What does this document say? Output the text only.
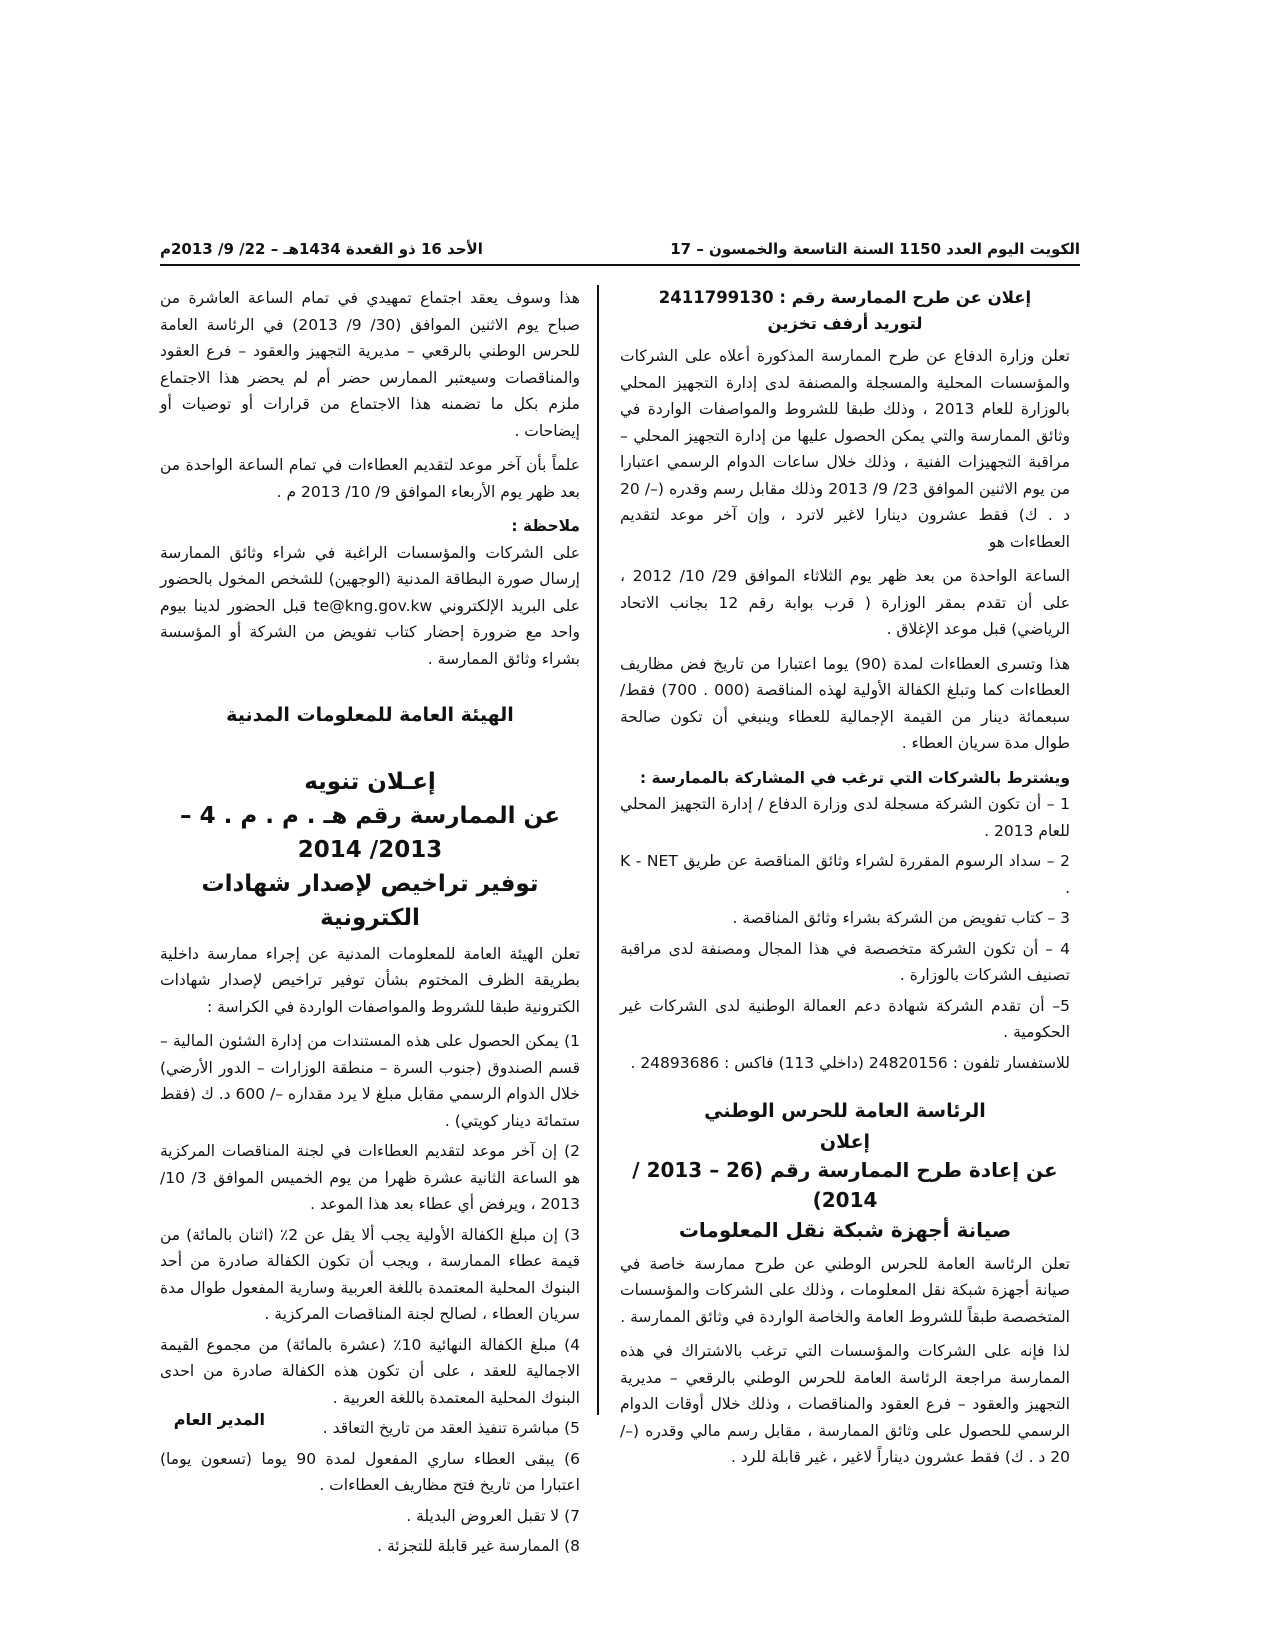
الكويت اليوم العدد 1150 السنة التاسعة والخمسون – 17
الأحد 16 ذو القعدة 1434هـ – 22/ 9/ 2013م
إعلان عن طرح الممارسة رقم : 2411799130
لتوريد أرفف تخزين

تعلن وزارة الدفاع عن طرح الممارسة المذكورة أعلاه على الشركات والمؤسسات المحلية والمسجلة والمصنفة لدى إدارة التجهيز المحلي بالوزارة للعام 2013 ، وذلك طبقا للشروط والمواصفات الواردة في وثائق الممارسة والتي يمكن الحصول عليها من إدارة التجهيز المحلي – مراقبة التجهيزات الفنية ، وذلك خلال ساعات الدوام الرسمي اعتبارا من يوم الاثنين الموافق 23/ 9/ 2013 وذلك مقابل رسم وقدره (–/ 20 د . ك) فقط عشرون دينارا لاغير لاترد ، وإن آخر موعد لتقديم العطاءات هو

الساعة الواحدة من بعد ظهر يوم الثلاثاء الموافق 29/ 10/ 2012 ، على أن تقدم بمقر الوزارة ( قرب بوابة رقم 12 بجانب الاتحاد الرياضي) قبل موعد الإغلاق .

هذا وتسرى العطاءات لمدة (90) يوما اعتبارا من تاريخ فض مظاريف العطاءات كما وتبلغ الكفالة الأولية لهذه المناقصة (000 . 700) فقط/ سبعمائة دينار من القيمة الإجمالية للعطاء وينبغي أن تكون صالحة طوال مدة سريان العطاء .

ويشترط بالشركات التي ترغب في المشاركة بالممارسة :
1 – أن تكون الشركة مسجلة لدى وزارة الدفاع / إدارة التجهيز المحلي للعام 2013 .
2 – سداد الرسوم المقررة لشراء وثائق المناقصة عن طريق K - NET .
3 – كتاب تفويض من الشركة بشراء وثائق المناقصة .
4 – أن تكون الشركة متخصصة في هذا المجال ومصنفة لدى مراقبة تصنيف الشركات بالوزارة .
5– أن تقدم الشركة شهادة دعم العمالة الوطنية لدى الشركات غير الحكومية .

للاستفسار تلفون : 24820156 (داخلي 113) فاكس : 24893686 .

الرئاسة العامة للحرس الوطني
إعلان
عن إعادة طرح الممارسة رقم (26 – 2013 / 2014)
صيانة أجهزة شبكة نقل المعلومات

تعلن الرئاسة العامة للحرس الوطني عن طرح ممارسة خاصة في صيانة أجهزة شبكة نقل المعلومات ، وذلك على الشركات والمؤسسات المتخصصة طبقاً للشروط العامة والخاصة الواردة في وثائق الممارسة .

لذا فإنه على الشركات والمؤسسات التي ترغب بالاشتراك في هذه الممارسة مراجعة الرئاسة العامة للحرس الوطني بالرقعي – مديرية التجهيز والعقود – فرع العقود والمناقصات ، وذلك خلال أوقات الدوام الرسمي للحصول على وثائق الممارسة ، مقابل رسم مالي وقدره (–/ 20 د . ك) فقط عشرون ديناراً لاغير ، غير قابلة للرد .

هذا وسوف يعقد اجتماع تمهيدي في تمام الساعة العاشرة من صباح يوم الاثنين الموافق (30/ 9/ 2013) في الرئاسة العامة للحرس الوطني بالرقعي – مديرية التجهيز والعقود – فرع العقود والمناقصات وسيعتبر الممارس حضر أم لم يحضر هذا الاجتماع ملزم بكل ما تضمنه هذا الاجتماع من قرارات أو توصيات أو إيضاحات .

علماً بأن آخر موعد لتقديم العطاءات في تمام الساعة الواحدة من بعد ظهر يوم الأربعاء الموافق 9/ 10/ 2013 م .

ملاحظة :

على الشركات والمؤسسات الراغبة في شراء وثائق الممارسة إرسال صورة البطاقة المدنية (الوجهين) للشخص المخول بالحضور على البريد الإلكتروني te@kng.gov.kw قبل الحضور لدينا بيوم واحد مع ضرورة إحضار كتاب تفويض من الشركة أو المؤسسة بشراء وثائق الممارسة .

الهيئة العامة للمعلومات المدنية
إعـلان تنويه
عن الممارسة رقم هـ . م . م . 4 – 2013/ 2014
توفير تراخيص لإصدار شهادات الكترونية

تعلن الهيئة العامة للمعلومات المدنية عن إجراء ممارسة داخلية بطريقة الظرف المختوم بشأن توفير تراخيص لإصدار شهادات الكترونية طبقا للشروط والمواصفات الواردة في الكراسة :

1) يمكن الحصول على هذه المستندات من إدارة الشئون المالية – قسم الصندوق (جنوب السرة – منطقة الوزارات – الدور الأرضي) خلال الدوام الرسمي مقابل مبلغ لا يرد مقداره –/ 600 د. ك (فقط ستمائة دينار كويتي) .
2) إن آخر موعد لتقديم العطاءات في لجنة المناقصات المركزية هو الساعة الثانية عشرة ظهرا من يوم الخميس الموافق 3/ 10/ 2013 ، ويرفض أي عطاء بعد هذا الموعد .
3) إن مبلغ الكفالة الأولية يجب ألا يقل عن 2٪ (اثنان بالمائة) من قيمة عطاء الممارسة ، ويجب أن تكون الكفالة صادرة من أحد البنوك المحلية المعتمدة باللغة العربية وسارية المفعول طوال مدة سريان العطاء ، لصالح لجنة المناقصات المركزية .
4) مبلغ الكفالة النهائية 10٪ (عشرة بالمائة) من مجموع القيمة الاجمالية للعقد ، على أن تكون هذه الكفالة صادرة من احدى البنوك المحلية المعتمدة باللغة العربية .
5) مباشرة تنفيذ العقد من تاريخ التعاقد .
6) يبقى العطاء ساري المفعول لمدة 90 يوما (تسعون يوما) اعتبارا من تاريخ فتح مظاريف العطاءات .
7) لا تقبل العروض البديلة .
8) الممارسة غير قابلة للتجزئة .
المدير العام
